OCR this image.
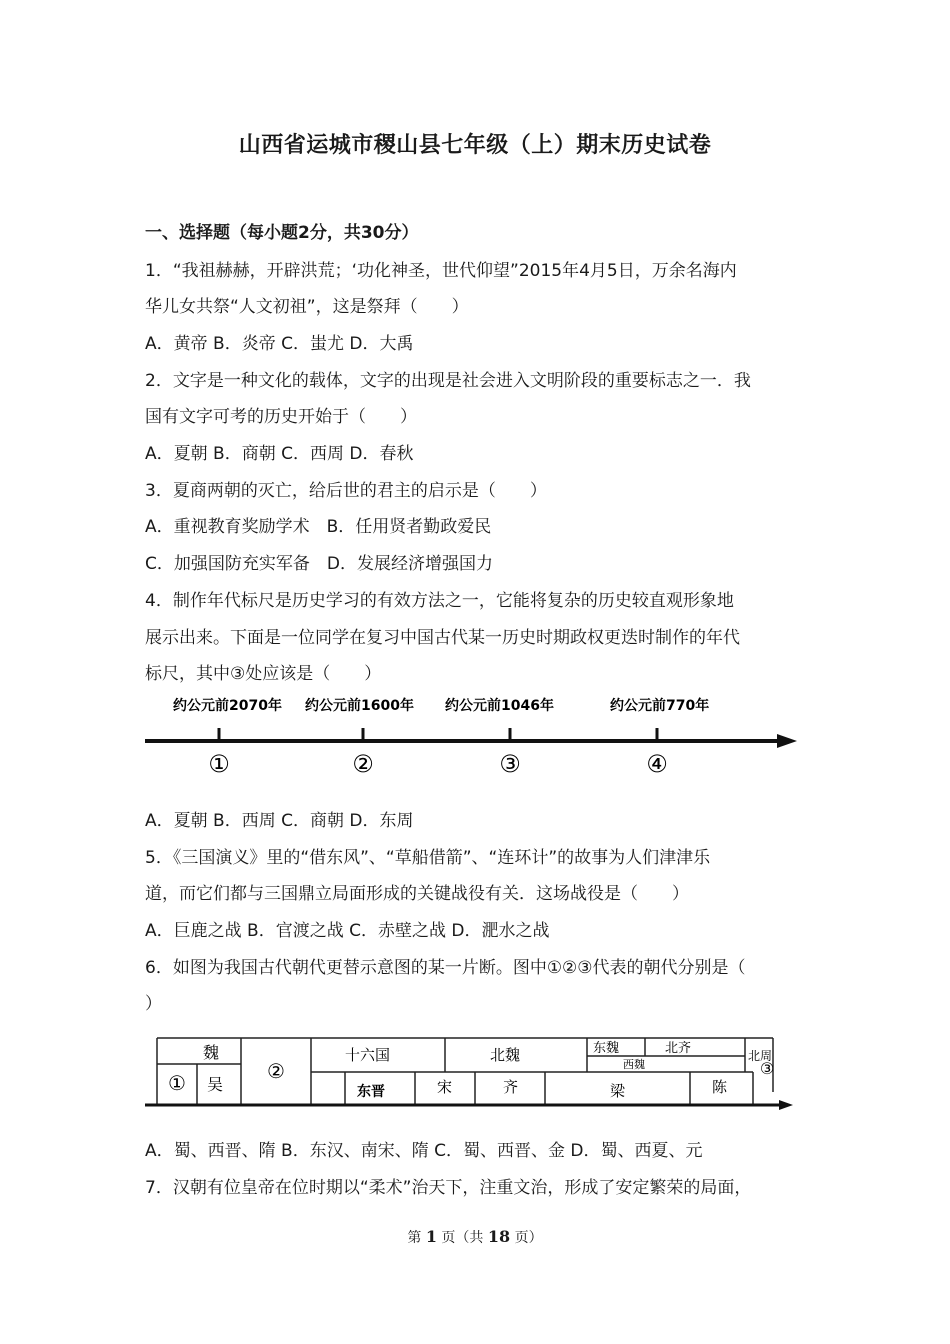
山西省运城市稷山县七年级（上）期末历史试卷
一、选择题（每小题2分，共30分）
1．“我祖赫赫，开辟洪荒；‘功化神圣，世代仰望”2015年4月5日，万余名海内
华儿女共祭“人文初祖”，这是祭拜（　　）
A．黄帝 B．炎帝 C．蚩尤 D．大禹
2．文字是一种文化的载体，文字的出现是社会进入文明阶段的重要标志之一．我
国有文字可考的历史开始于（　　）
A．夏朝 B．商朝 C．西周 D．春秋
3．夏商两朝的灭亡，给后世的君主的启示是（　　）
A．重视教育奖励学术　B．任用贤者勤政爱民
C．加强国防充实军备　D．发展经济增强国力
4．制作年代标尺是历史学习的有效方法之一，它能将复杂的历史较直观形象地
展示出来。下面是一位同学在复习中国古代某一历史时期政权更迭时制作的年代
标尺，其中③处应该是（　　）
约公元前2070年 约公元前1600年 约公元前1046年	约公元前770年
①	②	③	④
A．夏朝 B．西周 C．商朝 D．东周
5．《三国演义》里的“借东风”、“草船借箭”、“连环计”的故事为人们津津乐
道，而它们都与三国鼎立局面形成的关键战役有关．这场战役是（　　）
A．巨鹿之战 B．官渡之战 C．赤壁之战 D．淝水之战
6．如图为我国古代朝代更替示意图的某一片断。图中①②③代表的朝代分别是（
）
魏
① 吴
②
十六国	北魏	东魏	北齐
西魏
北周
③
东晋	宋	齐	梁	陈
A．蜀、西晋、隋 B．东汉、南宋、隋 C．蜀、西晋、金 D．蜀、西夏、元
7．汉朝有位皇帝在位时期以“柔术”治天下，注重文治，形成了安定繁荣的局面，
第 1 页（共 18 页）
